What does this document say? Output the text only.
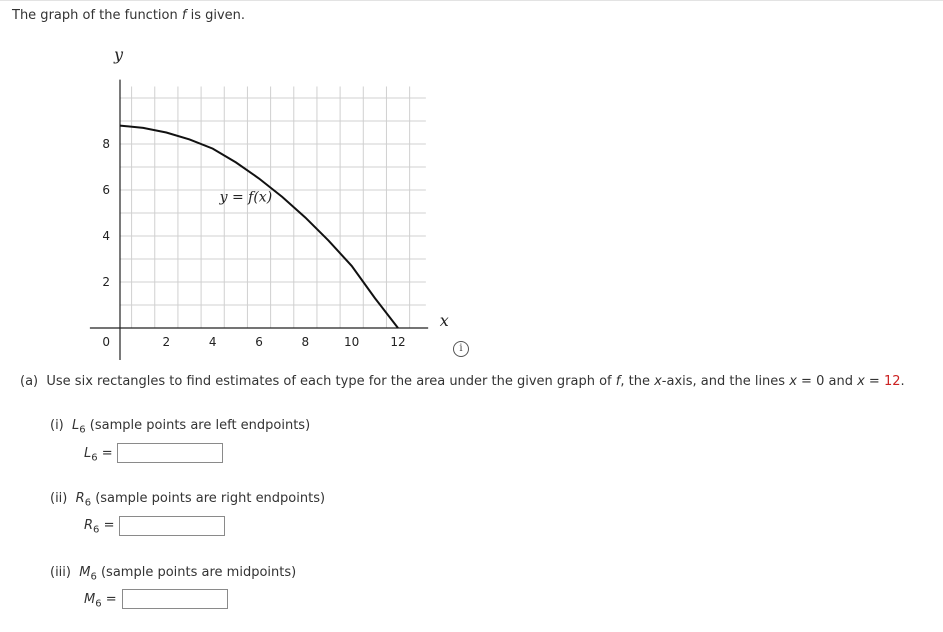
The graph of the function f is given.
2	4	6	8	10	12
2
4
6
8
0
y
x
y = f(x)
i
(a) Use six rectangles to find estimates of each type for the area under the given graph of f, the x-axis, and the lines x = 0 and x = 12.
(i) $L_6$ (sample points are left endpoints)
$L_6$ =
(ii) $R_6$ (sample points are right endpoints)
$R_6$ =
(iii) $M_6$ (sample points are midpoints)
$M_6$ =
